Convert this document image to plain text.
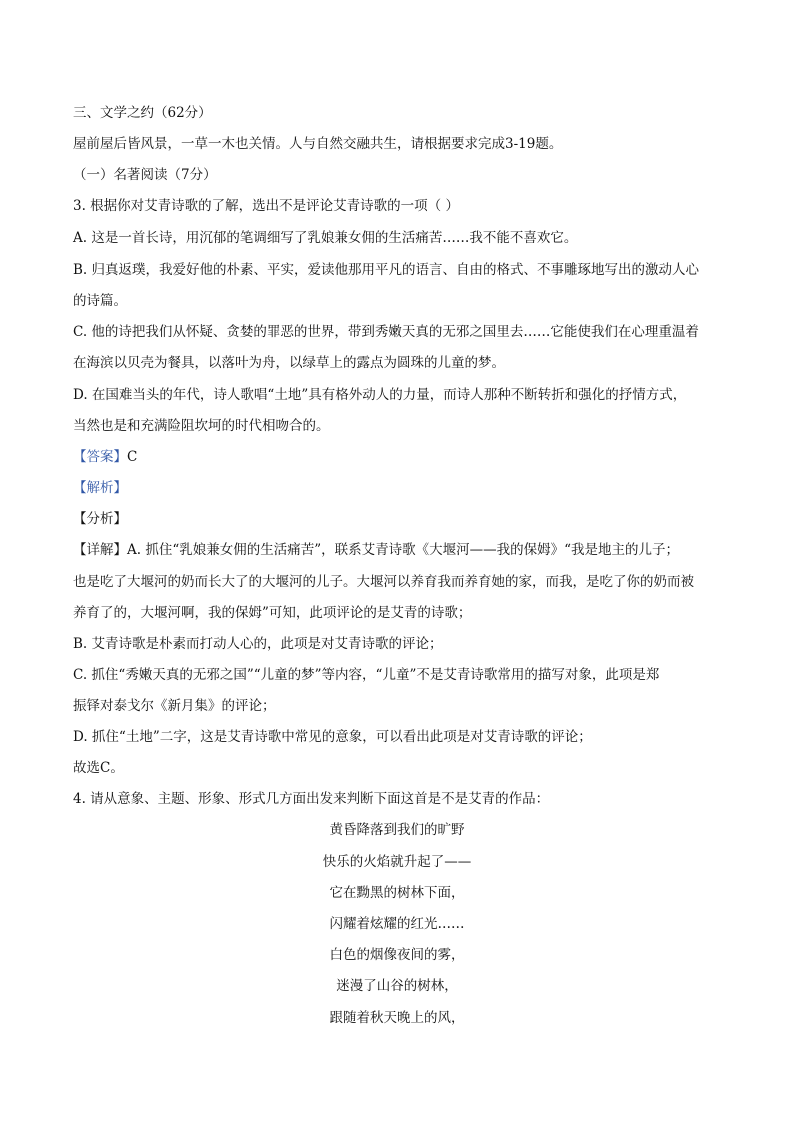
三、文学之约（62分）
屋前屋后皆风景，一草一木也关情。人与自然交融共生，请根据要求完成3-19题。
（一）名著阅读（7分）
3. 根据你对艾青诗歌的了解，选出不是评论艾青诗歌的一项（ ）
A. 这是一首长诗，用沉郁的笔调细写了乳娘兼女佣的生活痛苦……我不能不喜欢它。
B. 归真返璞，我爱好他的朴素、平实，爱读他那用平凡的语言、自由的格式、不事雕琢地写出的激动人心
的诗篇。
C. 他的诗把我们从怀疑、贪婪的罪恶的世界，带到秀嫩天真的无邪之国里去……它能使我们在心理重温着
在海滨以贝壳为餐具，以落叶为舟，以绿草上的露点为圆珠的儿童的梦。
D. 在国难当头的年代，诗人歌唱“土地”具有格外动人的力量，而诗人那种不断转折和强化的抒情方式，
当然也是和充满险阻坎坷的时代相吻合的。
【答案】C
【解析】
【分析】
【详解】A. 抓住“乳娘兼女佣的生活痛苦”，联系艾青诗歌《大堰河——我的保姆》“我是地主的儿子；
也是吃了大堰河的奶而长大了的大堰河的儿子。大堰河以养育我而养育她的家，而我，是吃了你的奶而被
养育了的，大堰河啊，我的保姆”可知，此项评论的是艾青的诗歌；
B. 艾青诗歌是朴素而打动人心的，此项是对艾青诗歌的评论；
C. 抓住“秀嫩天真的无邪之国”“儿童的梦”等内容，“儿童”不是艾青诗歌常用的描写对象，此项是郑
振铎对泰戈尔《新月集》的评论；
D. 抓住“土地”二字，这是艾青诗歌中常见的意象，可以看出此项是对艾青诗歌的评论；
故选C。
4. 请从意象、主题、形象、形式几方面出发来判断下面这首是不是艾青的作品：
黄昏降落到我们的旷野
快乐的火焰就升起了——
它在黝黑的树林下面，
闪耀着炫耀的红光……
白色的烟像夜间的雾，
迷漫了山谷的树林，
跟随着秋天晚上的风，
